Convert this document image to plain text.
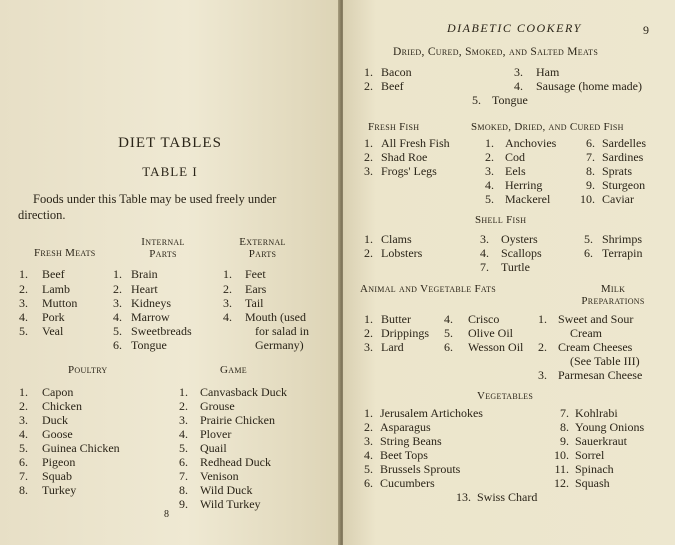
DIET TABLES
TABLE I
Foods under this Table may be used freely under
direction.
Fresh Meats
Internal
Parts
External
Parts
1. Beef
2. Lamb
3. Mutton
4. Pork
5. Veal
1. Brain
2. Heart
3. Kidneys
4. Marrow
5. Sweetbreads
6. Tongue
1. Feet
2. Ears
3. Tail
4. Mouth (used
for salad in
Germany)
Poultry	Game
1. Capon
2. Chicken
3. Duck
4. Goose
5. Guinea Chicken
6. Pigeon
7. Squab
8. Turkey
1. Canvasback Duck
2. Grouse
3. Prairie Chicken
4. Plover
5. Quail
6. Redhead Duck
7. Venison
8. Wild Duck
9. Wild Turkey
8
DIABETIC COOKERY	9
Dried, Cured, Smoked, and Salted Meats
1. Bacon
2. Beef
3. Ham
4. Sausage (home made)
5. Tongue
Fresh Fish	Smoked, Dried, and Cured Fish
1. All Fresh Fish
2. Shad Roe
3. Frogs' Legs
1. Anchovies
2. Cod
3. Eels
4. Herring
5. Mackerel
6. Sardelles
7. Sardines
8. Sprats
9. Sturgeon
10. Caviar
Shell Fish
1. Clams
2. Lobsters
3. Oysters
4. Scallops
7. Turtle
5. Shrimps
6. Terrapin
Animal and Vegetable Fats	Milk
Preparations
1. Butter
2. Drippings
3. Lard
4. Crisco
5. Olive Oil
6. Wesson Oil
1. Sweet and Sour
Cream
2. Cream Cheeses
(See Table III)
3. Parmesan Cheese
Vegetables
1. Jerusalem Artichokes
2. Asparagus
3. String Beans
4. Beet Tops
5. Brussels Sprouts
6. Cucumbers
7. Kohlrabi
8. Young Onions
9. Sauerkraut
10. Sorrel
11. Spinach
12. Squash
13. Swiss Chard
